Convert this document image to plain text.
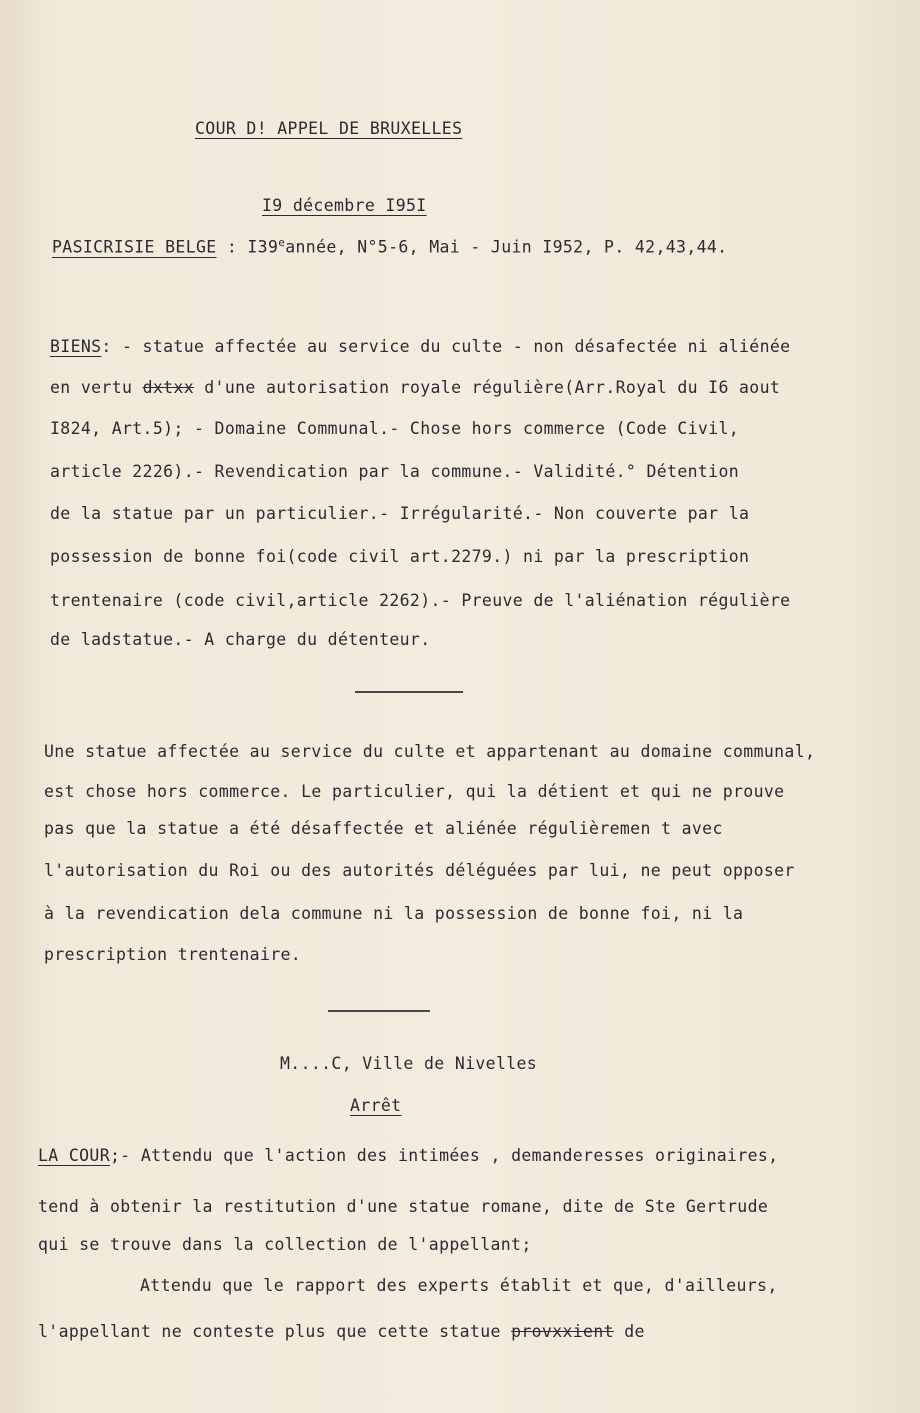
COUR D! APPEL DE BRUXELLES
I9 décembre I95I
PASICRISIE BELGE : I39eannée, N°5-6, Mai - Juin I952, P. 42,43,44.
BIENS: - statue affectée au service du culte - non désafectée ni aliénée
en vertu dxtxx d'une autorisation royale régulière(Arr.Royal du I6 aout
I824, Art.5); - Domaine Communal.- Chose hors commerce (Code Civil,
article 2226).- Revendication par la commune.- Validité.° Détention
de la statue par un particulier.- Irrégularité.- Non couverte par la
possession de bonne foi(code civil art.2279.) ni par la prescription
trentenaire (code civil,article 2262).- Preuve de l'aliénation régulière
de ladstatue.- A charge du détenteur.
Une statue affectée au service du culte et appartenant au domaine communal,
est chose hors commerce. Le particulier, qui la détient et qui ne prouve
pas que la statue a été désaffectée et aliénée régulièremen t avec
l'autorisation du Roi ou des autorités déléguées par lui, ne peut opposer
à la revendication dela commune ni la possession de bonne foi, ni la
prescription trentenaire.
M....C, Ville de Nivelles
Arrêt
LA COUR;- Attendu que l'action des intimées , demanderesses originaires,
tend à obtenir la restitution d'une statue romane, dite de Ste Gertrude
qui se trouve dans la collection de l'appellant;
Attendu que le rapport des experts établit et que, d'ailleurs,
l'appellant ne conteste plus que cette statue provxxient de
